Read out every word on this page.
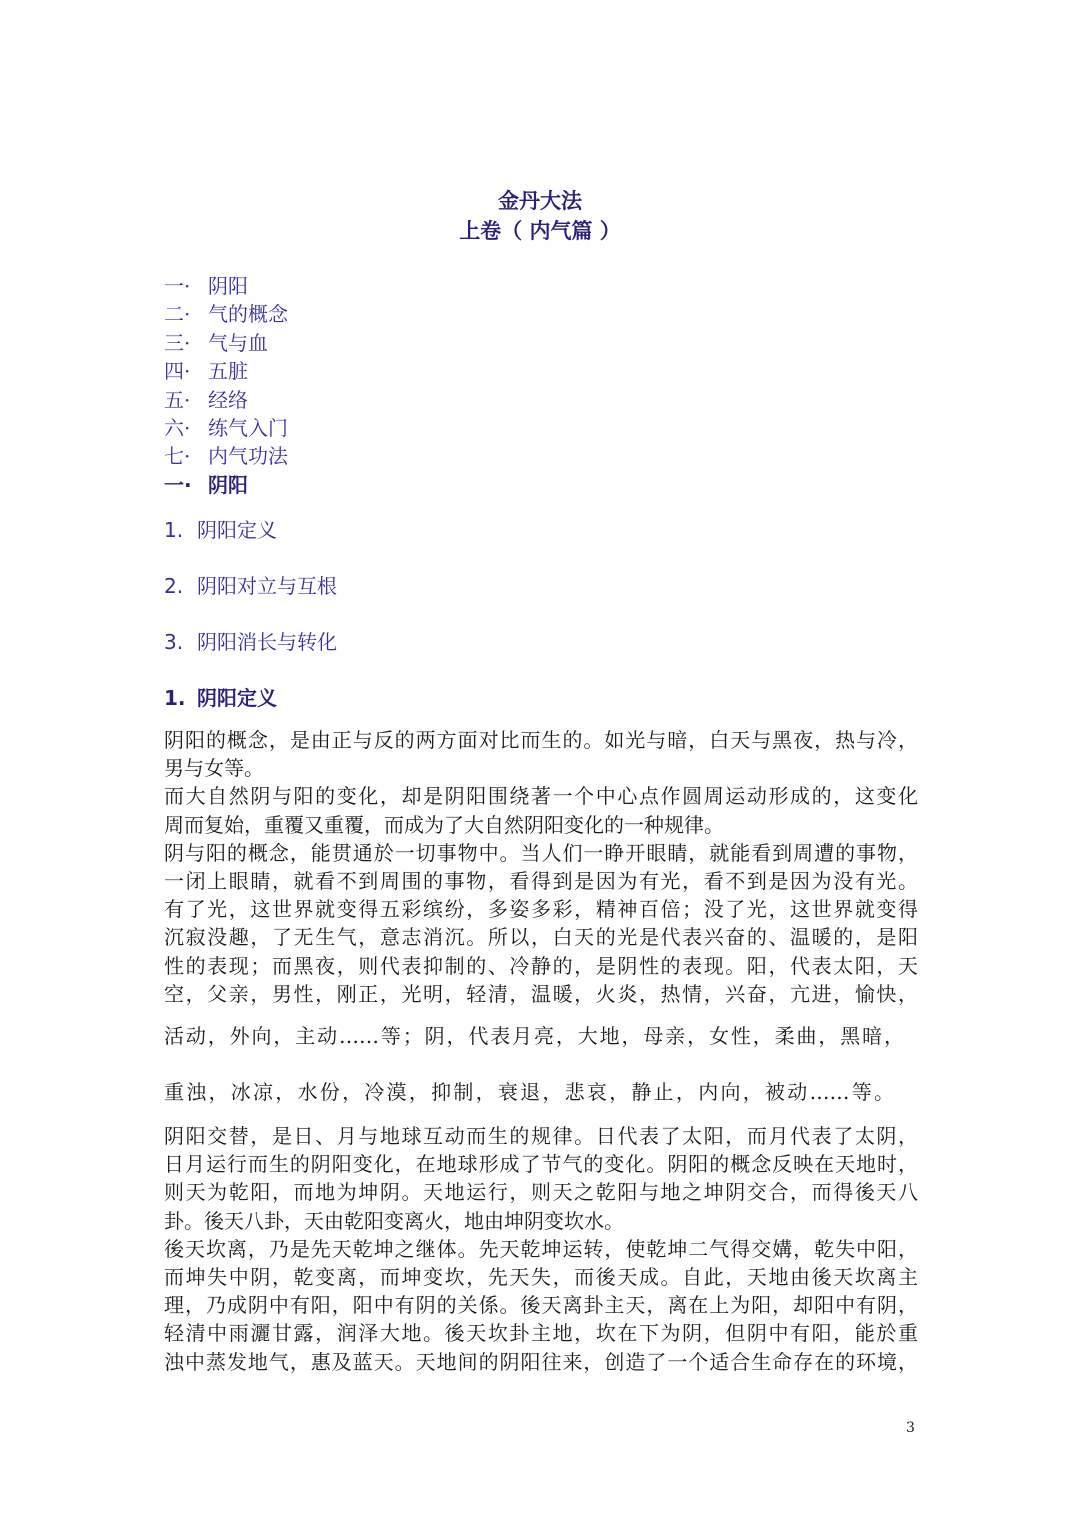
金丹大法
上卷（ 内气篇 ）
一· 阴阳
二· 气的概念
三· 气与血
四· 五脏
五· 经络
六· 练气入门
七· 内气功法
一· 阴阳
1. 阴阳定义
2. 阴阳对立与互根
3. 阴阳消长与转化
1. 阴阳定义
阴阳的概念，是由正与反的两方面对比而生的。如光与暗，白天与黑夜，热与冷，
男与女等。
而大自然阴与阳的变化，却是阴阳围绕著一个中心点作圆周运动形成的，这变化
周而复始，重覆又重覆，而成为了大自然阴阳变化的一种规律。
阴与阳的概念，能贯通於一切事物中。当人们一睁开眼睛，就能看到周遭的事物，
一闭上眼睛，就看不到周围的事物，看得到是因为有光，看不到是因为没有光。
有了光，这世界就变得五彩缤纷，多姿多彩，精神百倍；没了光，这世界就变得
沉寂没趣，了无生气，意志消沉。所以，白天的光是代表兴奋的、温暖的，是阳
性的表现；而黑夜，则代表抑制的、冷静的，是阴性的表现。阳，代表太阳，天
空，父亲，男性，刚正，光明，轻清，温暖，火炎，热情，兴奋，亢进，愉快，
活动，外向，主动……等；阴，代表月亮，大地，母亲，女性，柔曲，黑暗，
重浊，冰凉，水份，冷漠，抑制，衰退，悲哀，静止，内向，被动……等。
阴阳交替，是日、月与地球互动而生的规律。日代表了太阳，而月代表了太阴，
日月运行而生的阴阳变化，在地球形成了节气的变化。阴阳的概念反映在天地时，
则天为乾阳，而地为坤阴。天地运行，则天之乾阳与地之坤阴交合，而得後天八
卦。後天八卦，天由乾阳变离火，地由坤阴变坎水。
後天坎离，乃是先天乾坤之继体。先天乾坤运转，使乾坤二气得交媾，乾失中阳，
而坤失中阴，乾变离，而坤变坎，先天失，而後天成。自此，天地由後天坎离主
理，乃成阴中有阳，阳中有阴的关係。後天离卦主天，离在上为阳，却阳中有阴，
轻清中雨灑甘露，润泽大地。後天坎卦主地，坎在下为阴，但阴中有阳，能於重
浊中蒸发地气，惠及蓝天。天地间的阴阳往来，创造了一个适合生命存在的环境，
3
